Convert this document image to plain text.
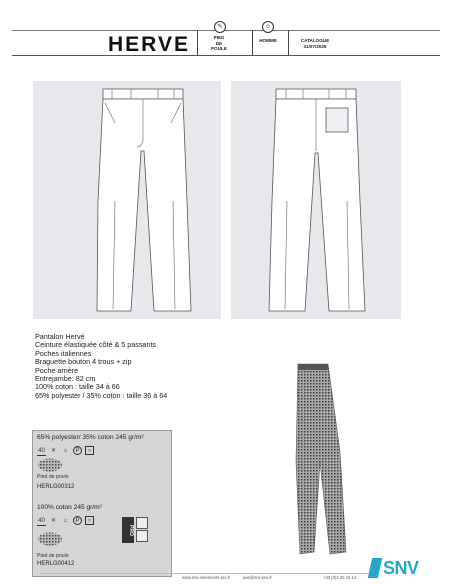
HERVE
✎	☺
PIED
DE
POULE
HOMME	CATALOGUE
31/07/2025
Pantalon Hervé
Ceinture élastiquée côté & 5 passants
Poches italiennes
Braguette bouton 4 trous + zip
Poche arrière
Entrejambe: 82 cm
100% coton : taille 34 à 66
65% polyester / 35% coton : taille 36 à 64
65% polyester/ 35% coton 245 gr/m²
40	✕	⌂	P	○
Pied de poule
HERLG00312
100% coton 245 gr/m²
40	✕	⌂	P	○
PRO
Pied de poule
HERLG00412
www.snv-vetements-pro.fr	pao@snv-pro.fr	+33 (0)3 35 15 14 SNV
